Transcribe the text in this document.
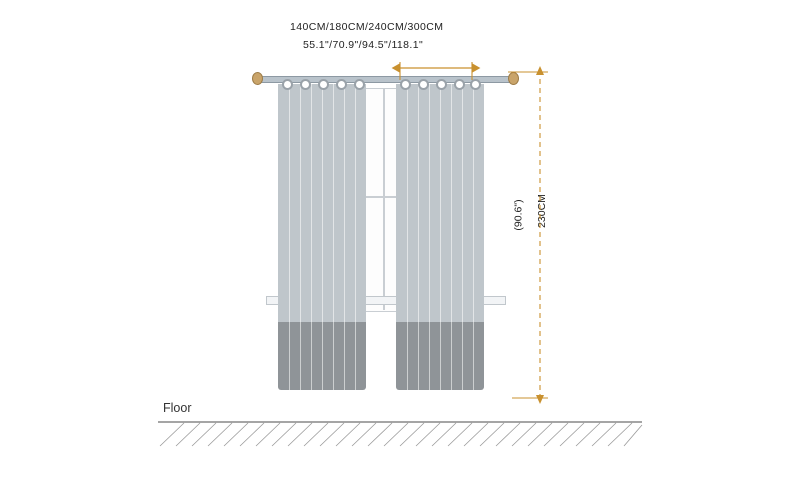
140CM/180CM/240CM/300CM
55.1"/70.9"/94.5"/118.1"
230CM
(90.6")
Floor
